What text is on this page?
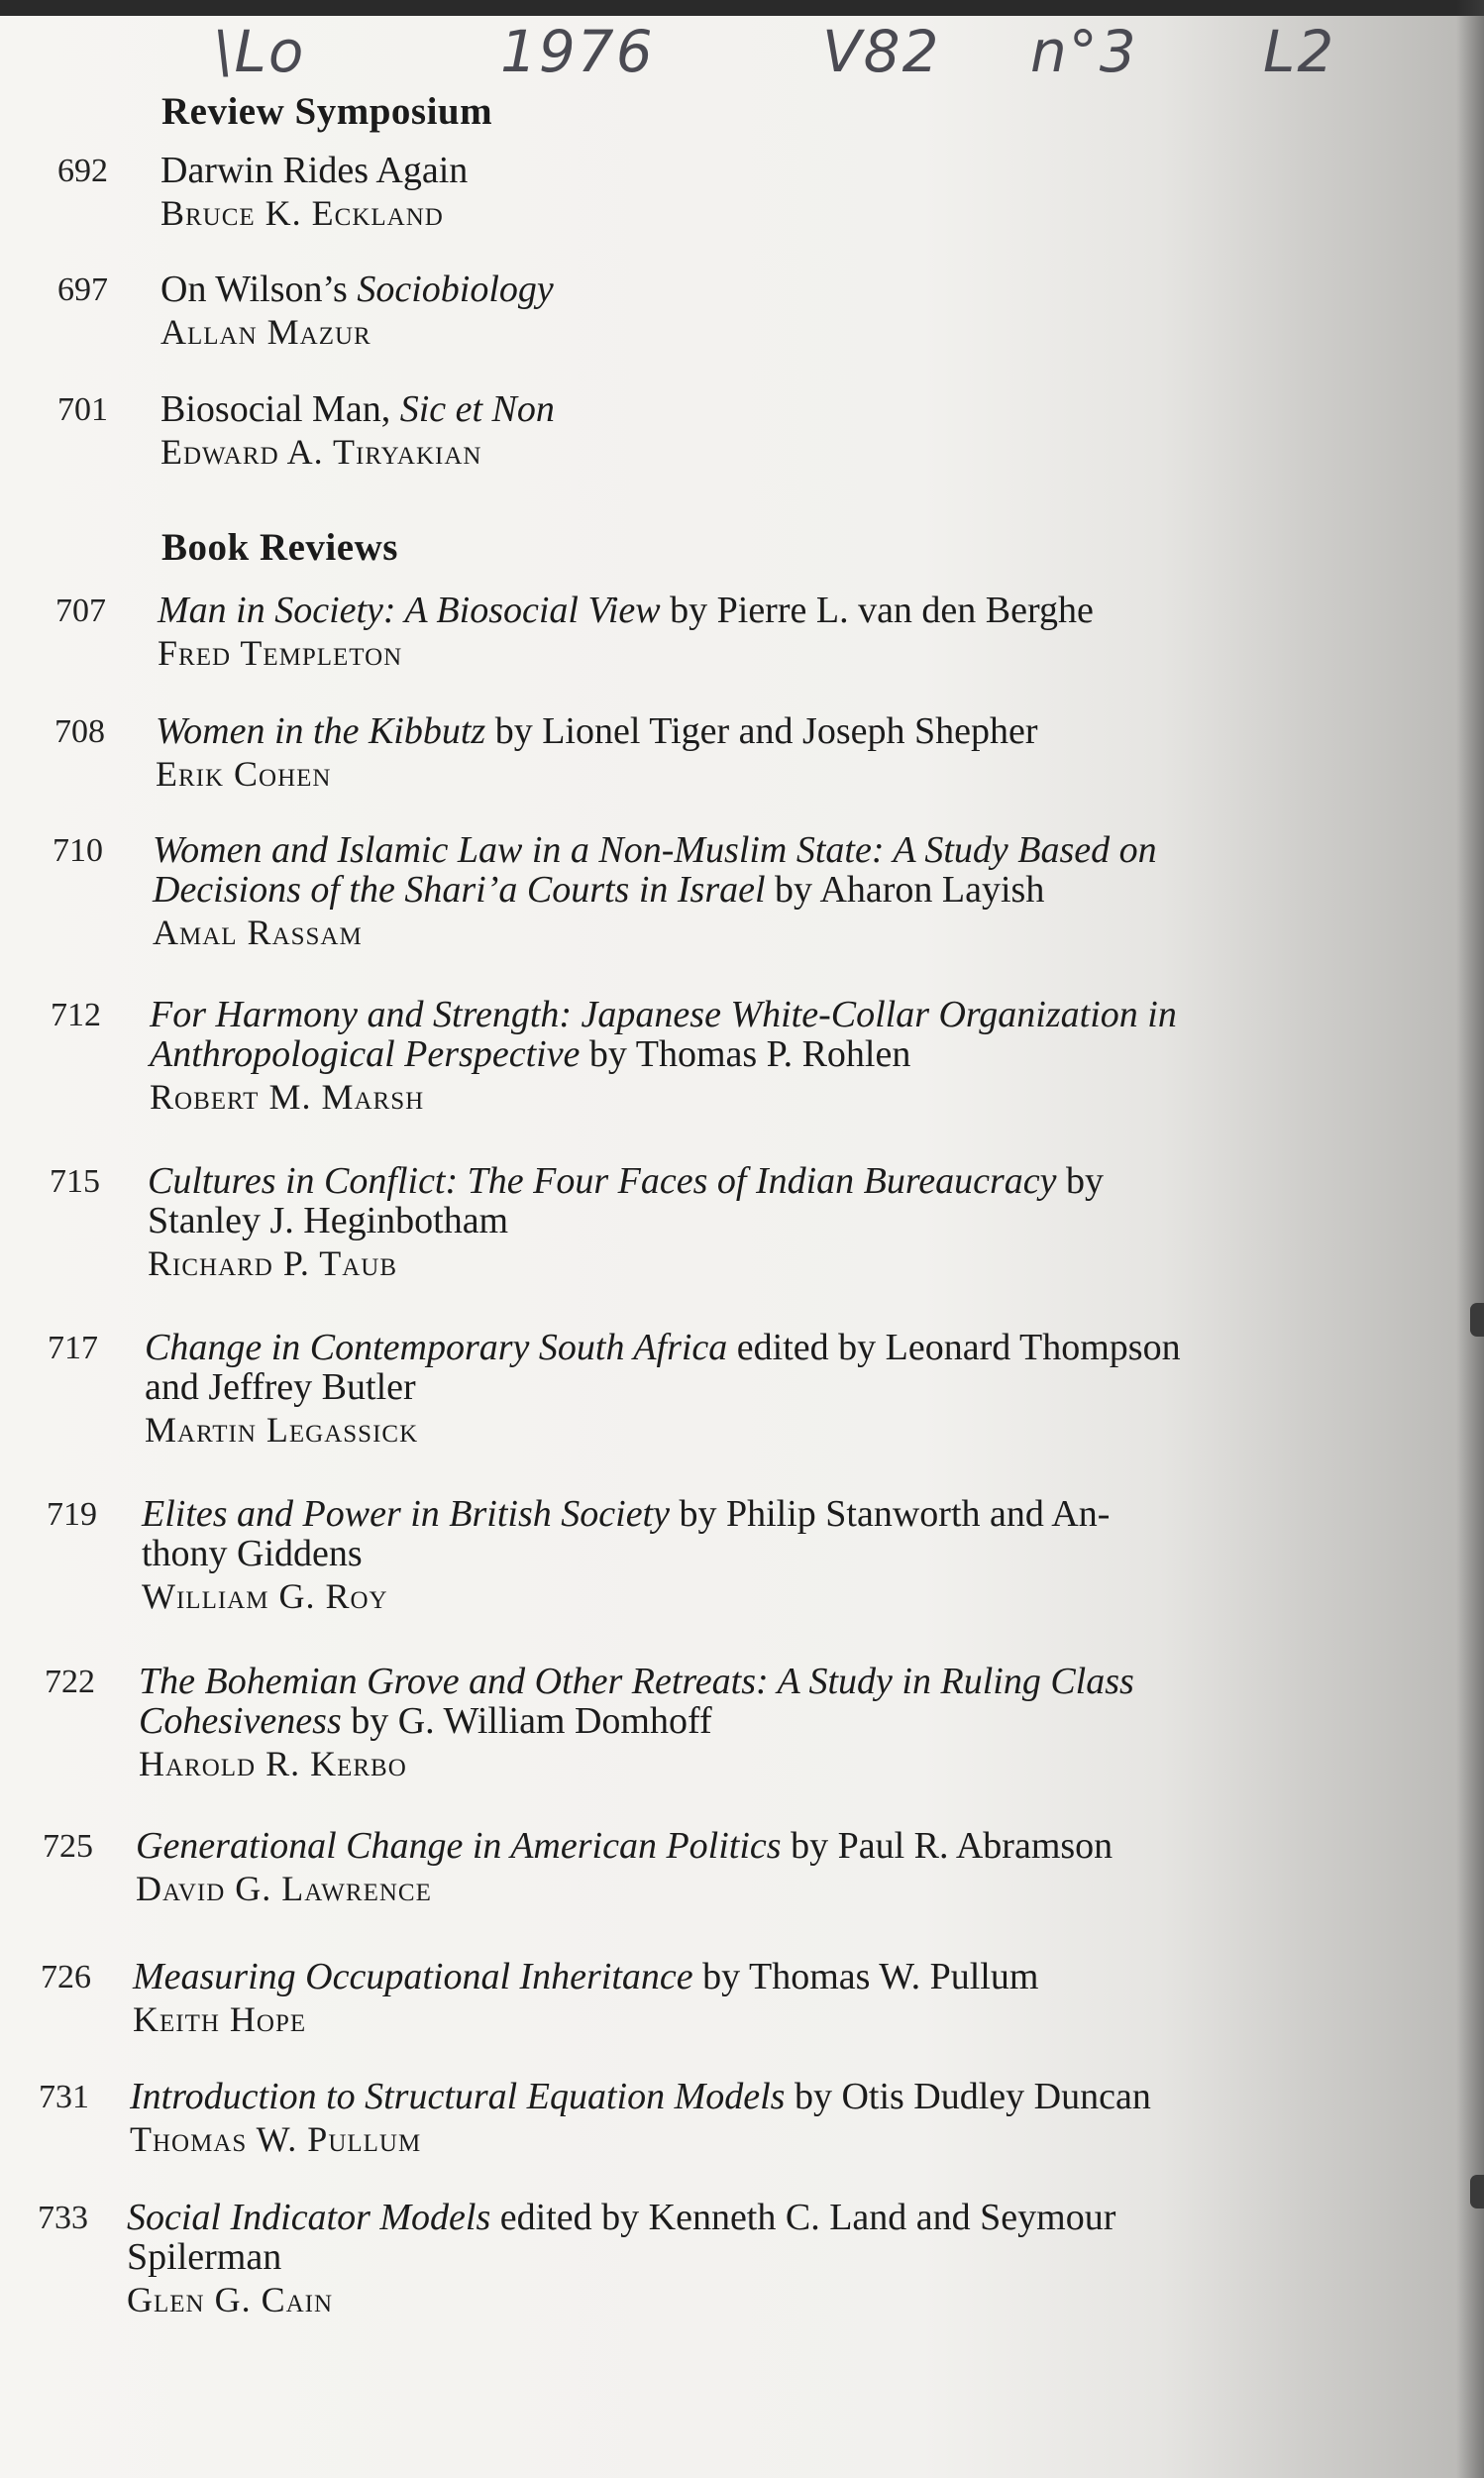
\Lo	1976	V82 n°3 L2
Review Symposium
692 Darwin Rides Again
Bruce K. Eckland
697 On Wilson’s Sociobiology
Allan Mazur
701 Biosocial Man, Sic et Non
Edward A. Tiryakian
Book Reviews
707 Man in Society: A Biosocial View by Pierre L. van den Berghe
Fred Templeton
708 Women in the Kibbutz by Lionel Tiger and Joseph Shepher
Erik Cohen
710 Women and Islamic Law in a Non-Muslim State: A Study Based on
Decisions of the Shari’a Courts in Israel by Aharon Layish
Amal Rassam
712 For Harmony and Strength: Japanese White-Collar Organization in
Anthropological Perspective by Thomas P. Rohlen
Robert M. Marsh
715 Cultures in Conflict: The Four Faces of Indian Bureaucracy by
Stanley J. Heginbotham
Richard P. Taub
717 Change in Contemporary South Africa edited by Leonard Thompson
and Jeffrey Butler
Martin Legassick
719 Elites and Power in British Society by Philip Stanworth and An-
thony Giddens
William G. Roy
722 The Bohemian Grove and Other Retreats: A Study in Ruling Class
Cohesiveness by G. William Domhoff
Harold R. Kerbo
725 Generational Change in American Politics by Paul R. Abramson
David G. Lawrence
726 Measuring Occupational Inheritance by Thomas W. Pullum
Keith Hope
731 Introduction to Structural Equation Models by Otis Dudley Duncan
Thomas W. Pullum
733 Social Indicator Models edited by Kenneth C. Land and Seymour
Spilerman
Glen G. Cain
